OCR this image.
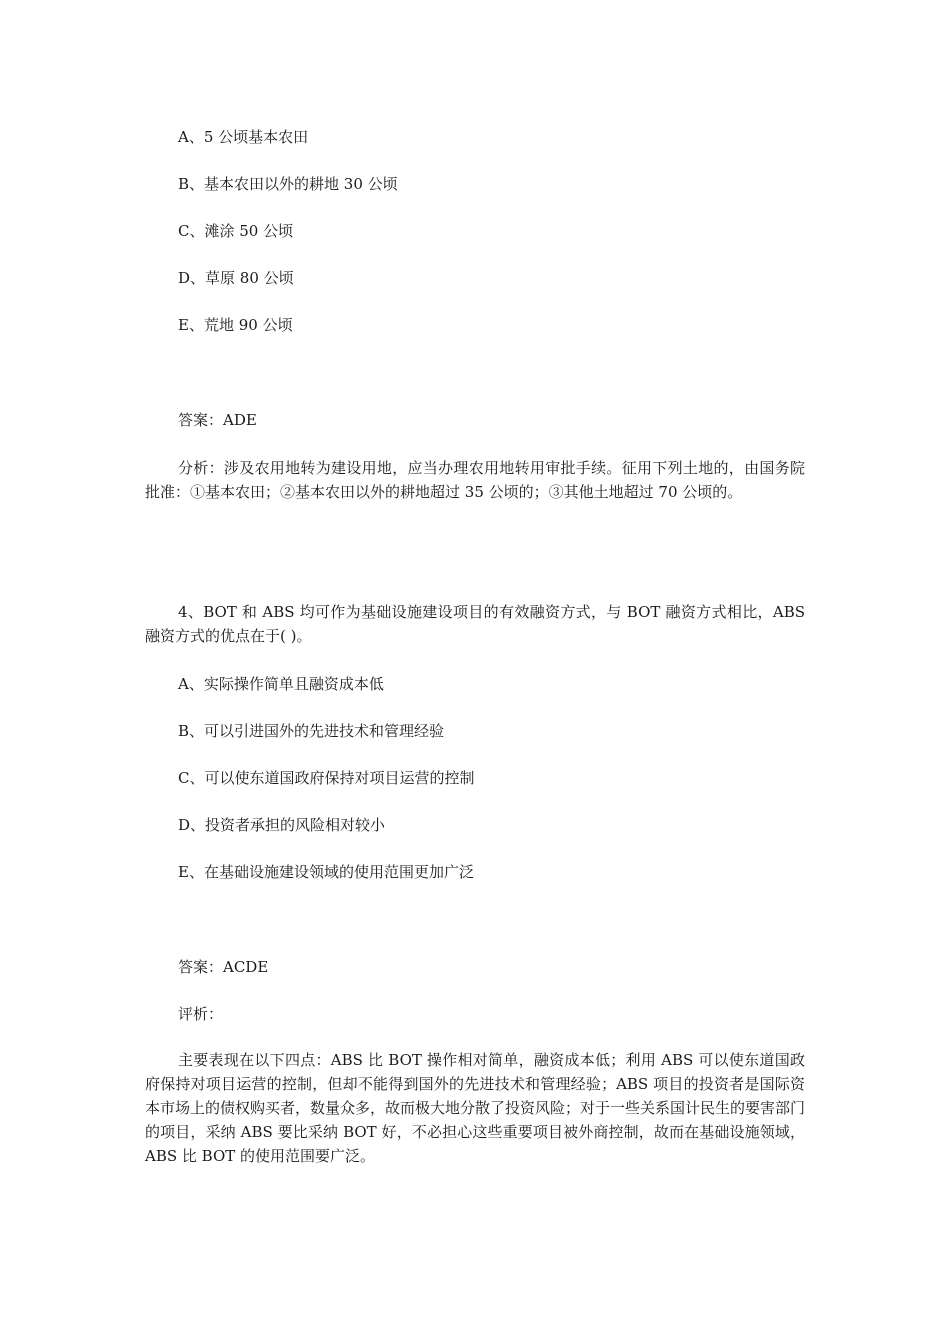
A、5 公顷基本农田
B、基本农田以外的耕地 30 公顷
C、滩涂 50 公顷
D、草原 80 公顷
E、荒地 90 公顷
答案：ADE
分析：涉及农用地转为建设用地，应当办理农用地转用审批手续。征用下列土地的，由国务院批准：①基本农田；②基本农田以外的耕地超过 35 公顷的；③其他土地超过 70 公顷的。
4、BOT 和 ABS 均可作为基础设施建设项目的有效融资方式，与 BOT 融资方式相比，ABS 融资方式的优点在于( )。
A、实际操作简单且融资成本低
B、可以引进国外的先进技术和管理经验
C、可以使东道国政府保持对项目运营的控制
D、投资者承担的风险相对较小
E、在基础设施建设领域的使用范围更加广泛
答案：ACDE
评析：
主要表现在以下四点：ABS 比 BOT 操作相对简单，融资成本低；利用 ABS 可以使东道国政府保持对项目运营的控制，但却不能得到国外的先进技术和管理经验；ABS 项目的投资者是国际资本市场上的债权购买者，数量众多，故而极大地分散了投资风险；对于一些关系国计民生的要害部门的项目，采纳 ABS 要比采纳 BOT 好，不必担心这些重要项目被外商控制，故而在基础设施领域，ABS 比 BOT 的使用范围要广泛。
